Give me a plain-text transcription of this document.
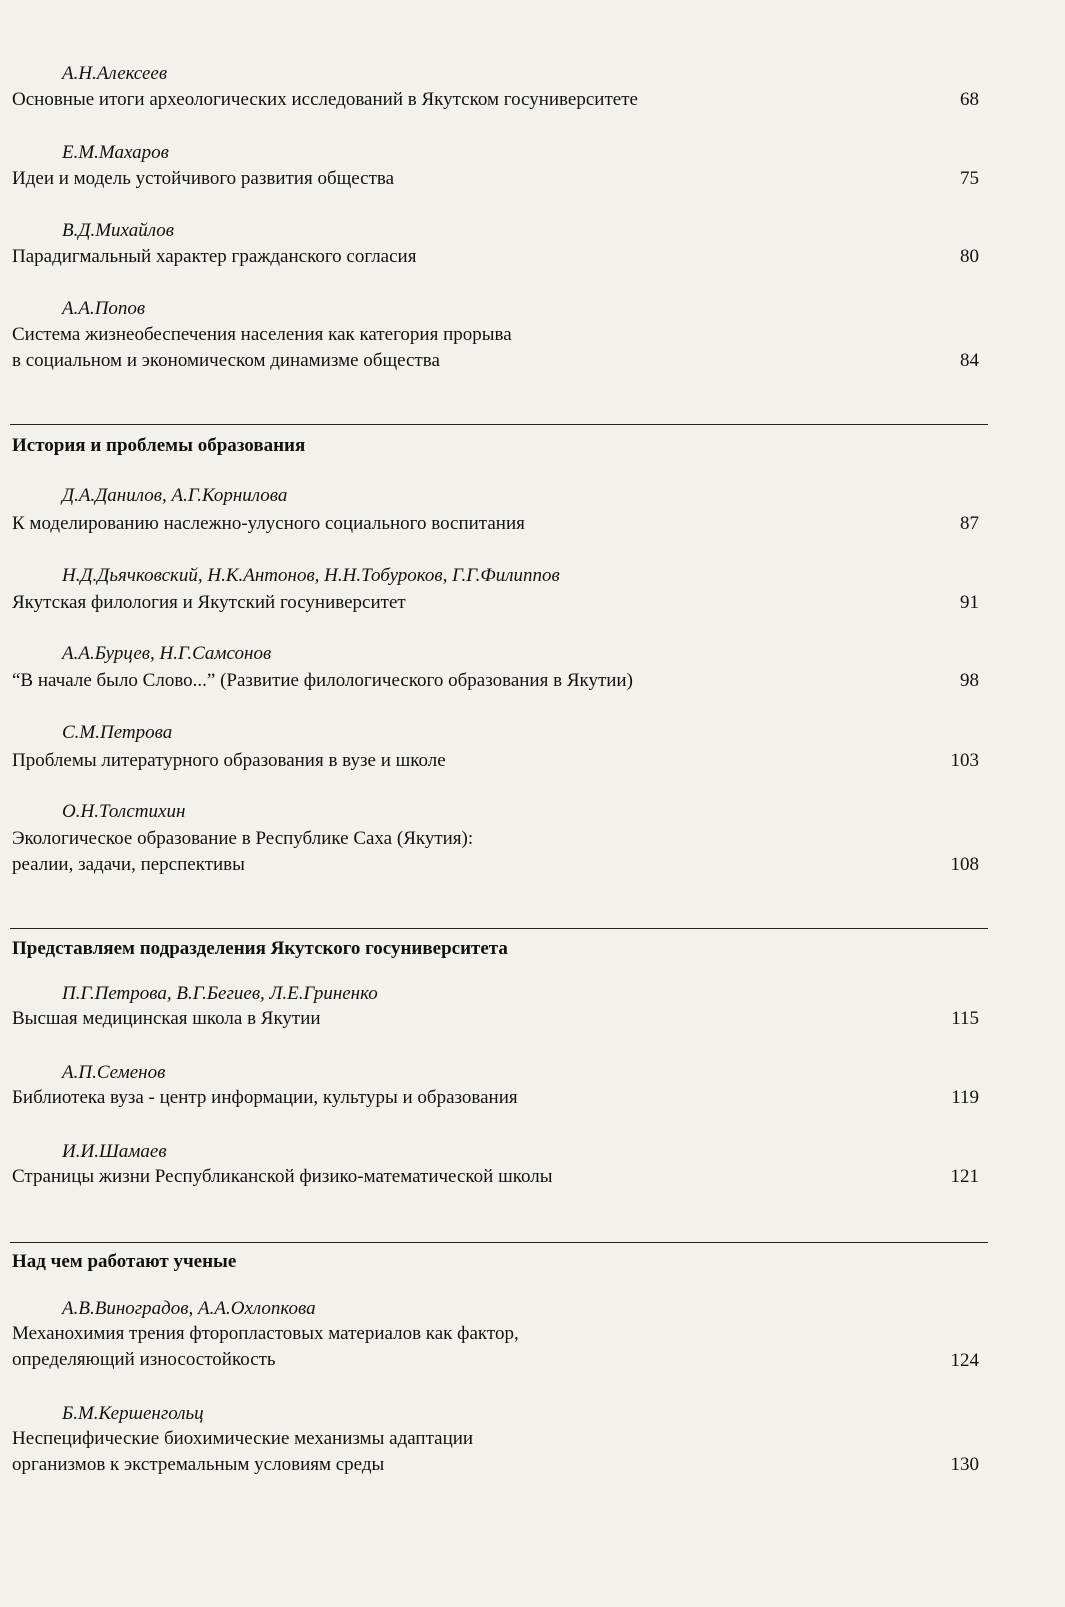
А.Н.Алексеев
Основные итоги археологических исследований в Якутском госуниверситете	68
Е.М.Махаров
Идеи и модель устойчивого развития общества	75
В.Д.Михайлов
Парадигмальный характер гражданского согласия	80
А.А.Попов
Система жизнеобеспечения населения как категория прорыва
в социальном и экономическом динамизме общества	84
История и проблемы образования
Д.А.Данилов, А.Г.Корнилова
К моделированию наслежно-улусного социального воспитания	87
Н.Д.Дьячковский, Н.К.Антонов, Н.Н.Тобуроков, Г.Г.Филиппов
Якутская филология и Якутский госуниверситет	91
А.А.Бурцев, Н.Г.Самсонов
“В начале было Слово...” (Развитие филологического образования в Якутии)	98
С.М.Петрова
Проблемы литературного образования в вузе и школе	103
О.Н.Толстихин
Экологическое образование в Республике Саха (Якутия):
реалии, задачи, перспективы	108
Представляем подразделения Якутского госуниверситета
П.Г.Петрова, В.Г.Бегиев, Л.Е.Гриненко
Высшая медицинская школа в Якутии	115
А.П.Семенов
Библиотека вуза - центр информации, культуры и образования	119
И.И.Шамаев
Страницы жизни Республиканской физико-математической школы	121
Над чем работают ученые
А.В.Виноградов, А.А.Охлопкова
Механохимия трения фторопластовых материалов как фактор,
определяющий износостойкость	124
Б.М.Кершенгольц
Неспецифические биохимические механизмы адаптации
организмов к экстремальным условиям среды	130
